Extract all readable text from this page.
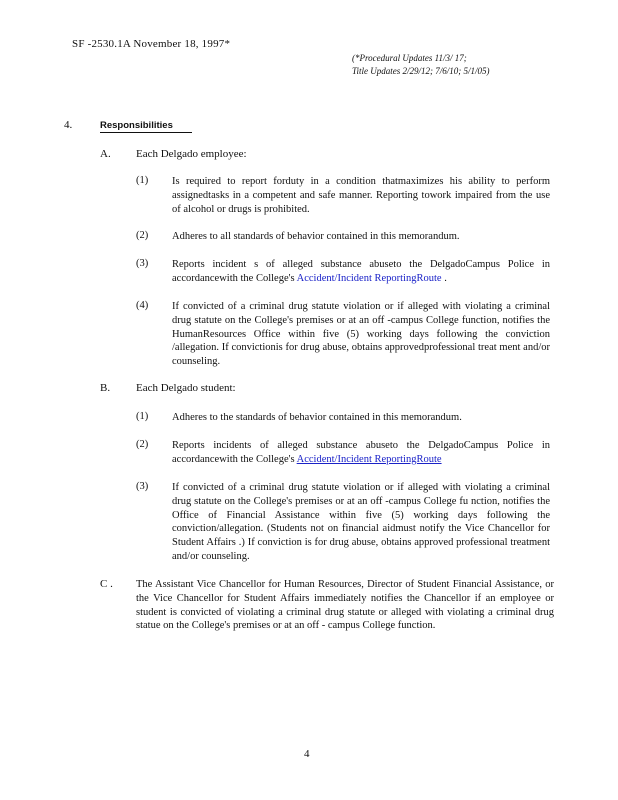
SF -2530.1A November 18, 1997*
(*Procedural Updates 11/3/ 17;
Title Updates 2/29/12; 7/6/10; 5/1/05)
4.	Responsibilities
A. Each Delgado employee:
(1) Is required to report forduty in a condition thatmaximizes his ability to perform assignedtasks in a competent and safe manner. Reporting towork impaired from the use of alcohol or drugs is prohibited.
(2) Adheres to all standards of behavior contained in this memorandum.
(3) Reports incident s of alleged substance abuseto the DelgadoCampus Police in accordancewith the College's Accident/Incident ReportingRoute .
(4) If convicted of a criminal drug statute violation or if alleged with violating a criminal drug statute on the College's premises or at an off -campus College function, notifies the HumanResources Office within five (5) working days following the conviction /allegation. If convictionis for drug abuse, obtains approvedprofessional treat ment and/or counseling.
B. Each Delgado student:
(1) Adheres to the standards of behavior contained in this memorandum.
(2) Reports incidents of alleged substance abuseto the DelgadoCampus Police in accordancewith the College's Accident/Incident ReportingRoute
(3) If convicted of a criminal drug statute violation or if alleged with violating a criminal drug statute on the College's premises or at an off -campus College fu nction, notifies the Office of Financial Assistance within five (5) working days following the conviction/allegation. (Students not on financial aidmust notify the Vice Chancellor for Student Affairs .) If conviction is for drug abuse, obtains approved professional treatment and/or counseling.
C . The Assistant Vice Chancellor for Human Resources, Director of Student Financial Assistance, or the Vice Chancellor for Student Affairs immediately notifies the Chancellor if an employee or student is convicted of violating a criminal drug statute or alleged with violating a criminal drug statue on the College's premises or at an off - campus College function.
4
